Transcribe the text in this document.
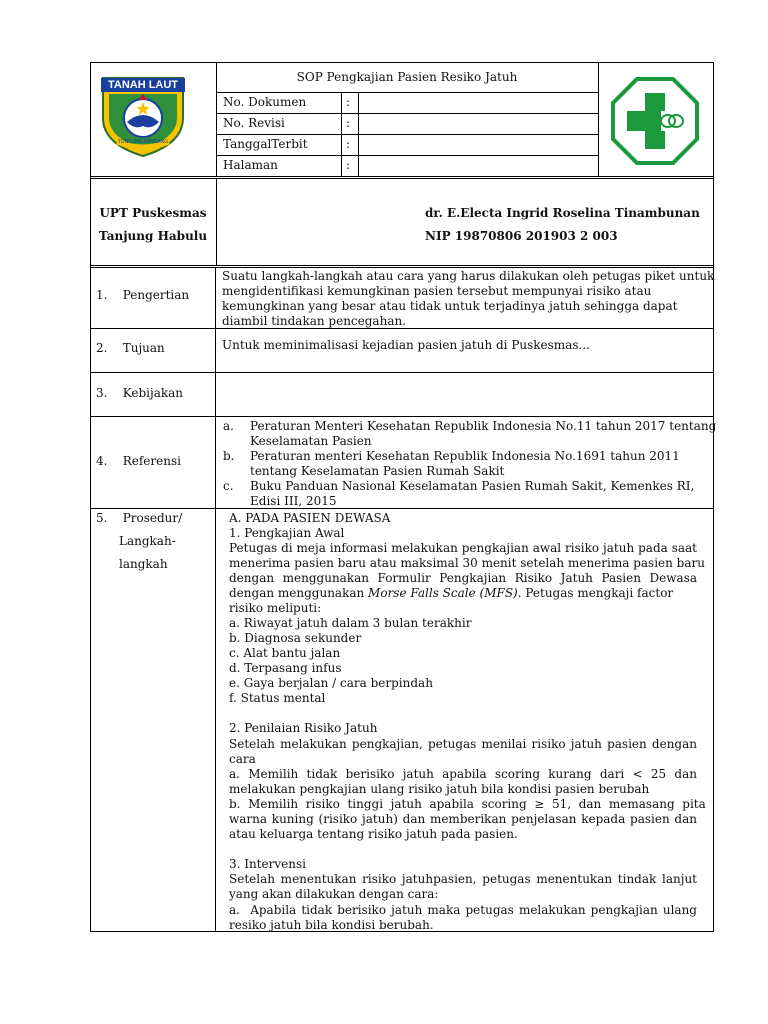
TANAH LAUT
TUNTUNG PANDANG
SOP Pengkajian Pasien Resiko Jatuh
No. Dokumen	:
No. Revisi	:
TanggalTerbit	:
Halaman	:
UPT Puskesmas
Tanjung Habulu
dr. E.Electa Ingrid Roselina Tinambunan
NIP 19870806 201903 2 003
1.    Pengertian
Suatu langkah-langkah atau cara yang harus dilakukan oleh petugas piket untuk
mengidentifikasi kemungkinan pasien tersebut mempunyai risiko atau
kemungkinan yang besar atau tidak untuk terjadinya jatuh sehingga dapat
diambil tindakan pencegahan.
2.    Tujuan	Untuk meminimalisasi kejadian pasien jatuh di Puskesmas...
3.    Kebijakan
4.    Referensi
a. Peraturan Menteri Kesehatan Republik Indonesia No.11 tahun 2017 tentang
Keselamatan Pasien
b. Peraturan menteri Kesehatan Republik Indonesia No.1691 tahun 2011
tentang Keselamatan Pasien Rumah Sakit
c. Buku Panduan Nasional Keselamatan Pasien Rumah Sakit, Kemenkes RI,
Edisi III, 2015
5.    Prosedur/
Langkah-
langkah
A. PADA PASIEN DEWASA
1. Pengkajian Awal
Petugas di meja informasi melakukan pengkajian awal risiko jatuh pada saat
menerima pasien baru atau maksimal 30 menit setelah menerima pasien baru
dengan menggunakan Formulir Pengkajian Risiko Jatuh Pasien Dewasa
dengan menggunakan Morse Falls Scale (MFS) . Petugas mengkaji factor
risiko meliputi:
a. Riwayat jatuh dalam 3 bulan terakhir
b. Diagnosa sekunder
c. Alat bantu jalan
d. Terpasang infus
e. Gaya berjalan / cara berpindah
f. Status mental
2. Penilaian Risiko Jatuh
Setelah melakukan pengkajian, petugas menilai risiko jatuh pasien dengan
cara
a.  Memilih  tidak  berisiko  jatuh  apabila  scoring  kurang  dari  <  25  dan
melakukan pengkajian ulang risiko jatuh bila kondisi pasien berubah
b.  Memilih  risiko  tinggi  jatuh  apabila  scoring  ≥  51,  dan  memasang  pita
warna kuning (risiko jatuh) dan memberikan penjelasan kepada pasien dan
atau keluarga tentang risiko jatuh pada pasien.
3. Intervensi
Setelah menentukan risiko jatuhpasien, petugas menentukan tindak lanjut
yang akan dilakukan dengan cara:
a.  Apabila tidak berisiko jatuh maka petugas melakukan pengkajian ulang
resiko jatuh bila kondisi berubah.
